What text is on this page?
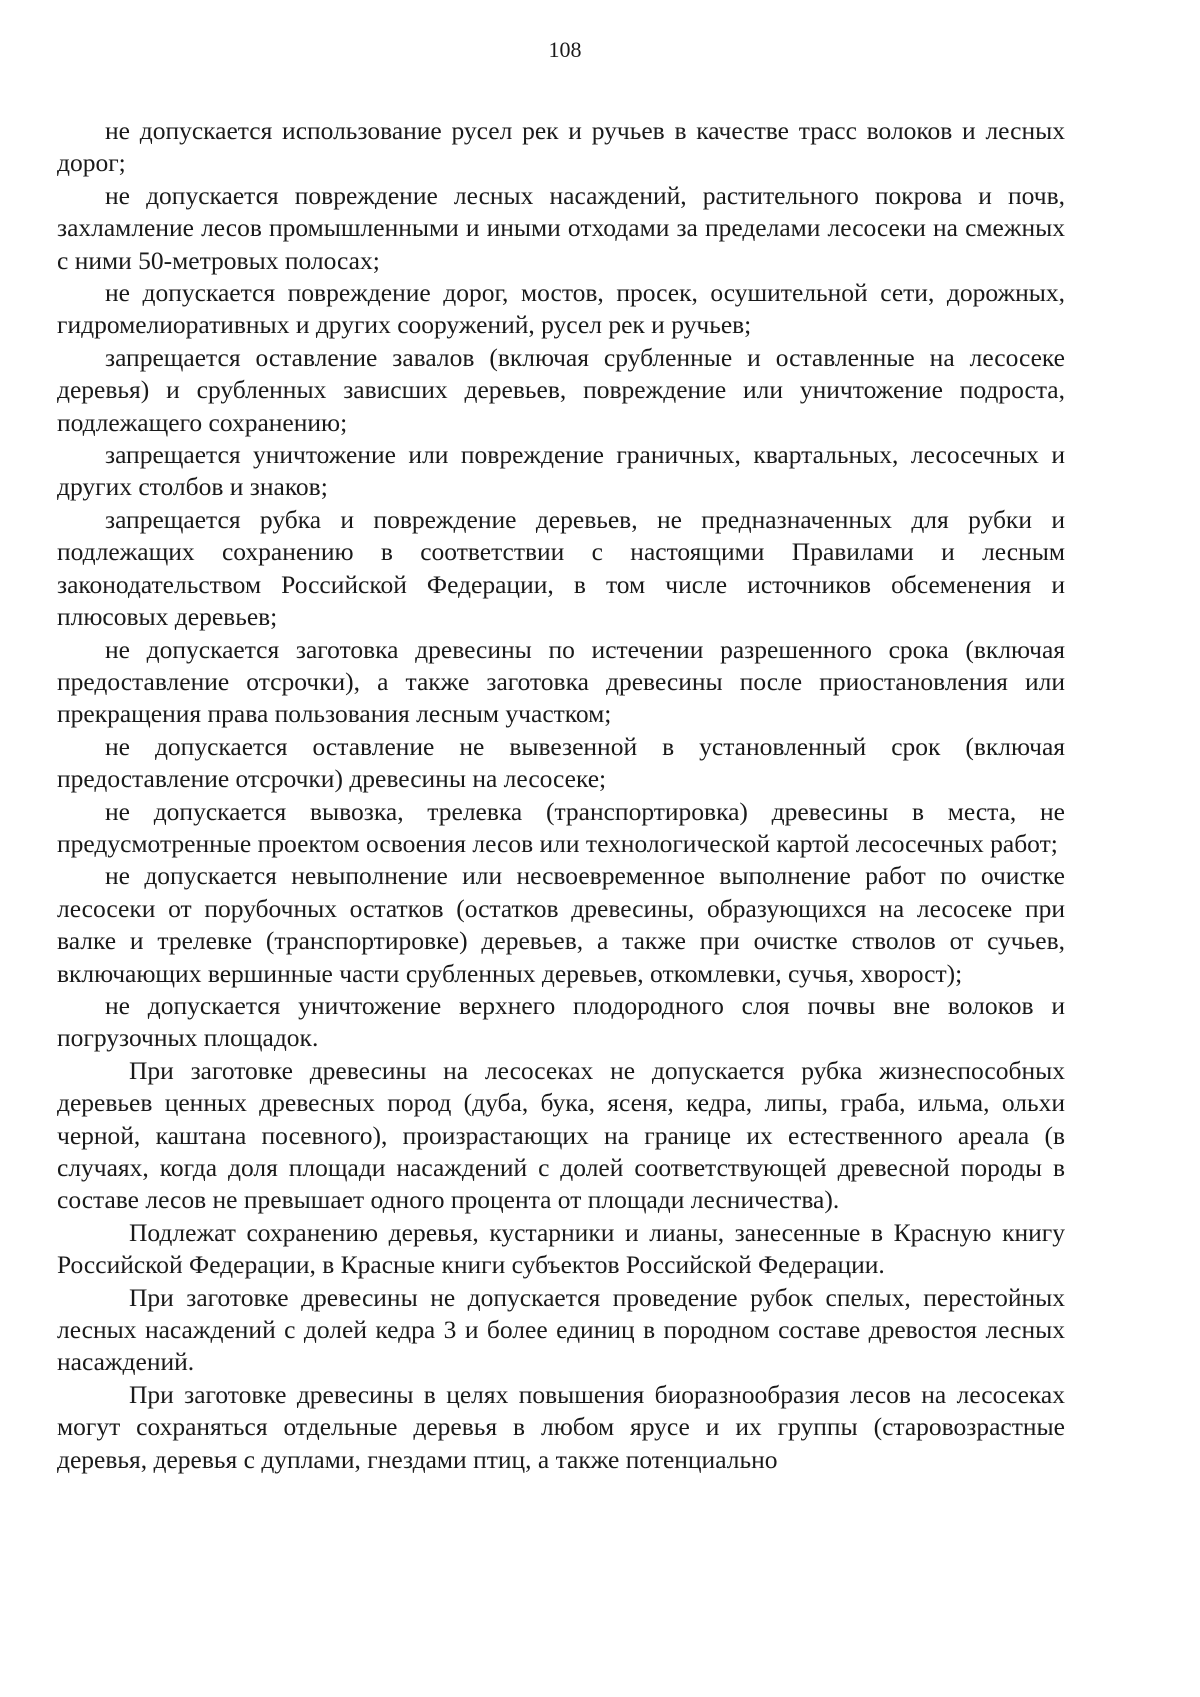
108

не допускается использование русел рек и ручьев в качестве трасс волоков и лесных дорог;

не допускается повреждение лесных насаждений, растительного покрова и почв, захламление лесов промышленными и иными отходами за пределами лесосеки на смежных с ними 50-метровых полосах;

не допускается повреждение дорог, мостов, просек, осушительной сети, дорожных, гидромелиоративных и других сооружений, русел рек и ручьев;

запрещается оставление завалов (включая срубленные и оставленные на лесосеке деревья) и срубленных зависших деревьев, повреждение или уничтожение подроста, подлежащего сохранению;

запрещается уничтожение или повреждение граничных, квартальных, лесосечных и других столбов и знаков;

запрещается рубка и повреждение деревьев, не предназначенных для рубки и подлежащих сохранению в соответствии с настоящими Правилами и лесным законодательством Российской Федерации, в том числе источников обсеменения и плюсовых деревьев;

не допускается заготовка древесины по истечении разрешенного срока (включая предоставление отсрочки), а также заготовка древесины после приостановления или прекращения права пользования лесным участком;

не допускается оставление не вывезенной в установленный срок (включая предоставление отсрочки) древесины на лесосеке;

не допускается вывозка, трелевка (транспортировка) древесины в места, не предусмотренные проектом освоения лесов или технологической картой лесосечных работ;

не допускается невыполнение или несвоевременное выполнение работ по очистке лесосеки от порубочных остатков (остатков древесины, образующихся на лесосеке при валке и трелевке (транспортировке) деревьев, а также при очистке стволов от сучьев, включающих вершинные части срубленных деревьев, откомлевки, сучья, хворост);

не допускается уничтожение верхнего плодородного слоя почвы вне волоков и погрузочных площадок.

При заготовке древесины на лесосеках не допускается рубка жизнеспособных деревьев ценных древесных пород (дуба, бука, ясеня, кедра, липы, граба, ильма, ольхи черной, каштана посевного), произрастающих на границе их естественного ареала (в случаях, когда доля площади насаждений с долей соответствующей древесной породы в составе лесов не превышает одного процента от площади лесничества).

Подлежат сохранению деревья, кустарники и лианы, занесенные в Красную книгу Российской Федерации, в Красные книги субъектов Российской Федерации.

При заготовке древесины не допускается проведение рубок спелых, перестойных лесных насаждений с долей кедра 3 и более единиц в породном составе древостоя лесных насаждений.

При заготовке древесины в целях повышения биоразнообразия лесов на лесосеках могут сохраняться отдельные деревья в любом ярусе и их группы (старовозрастные деревья, деревья с дуплами, гнездами птиц, а также потенциально
